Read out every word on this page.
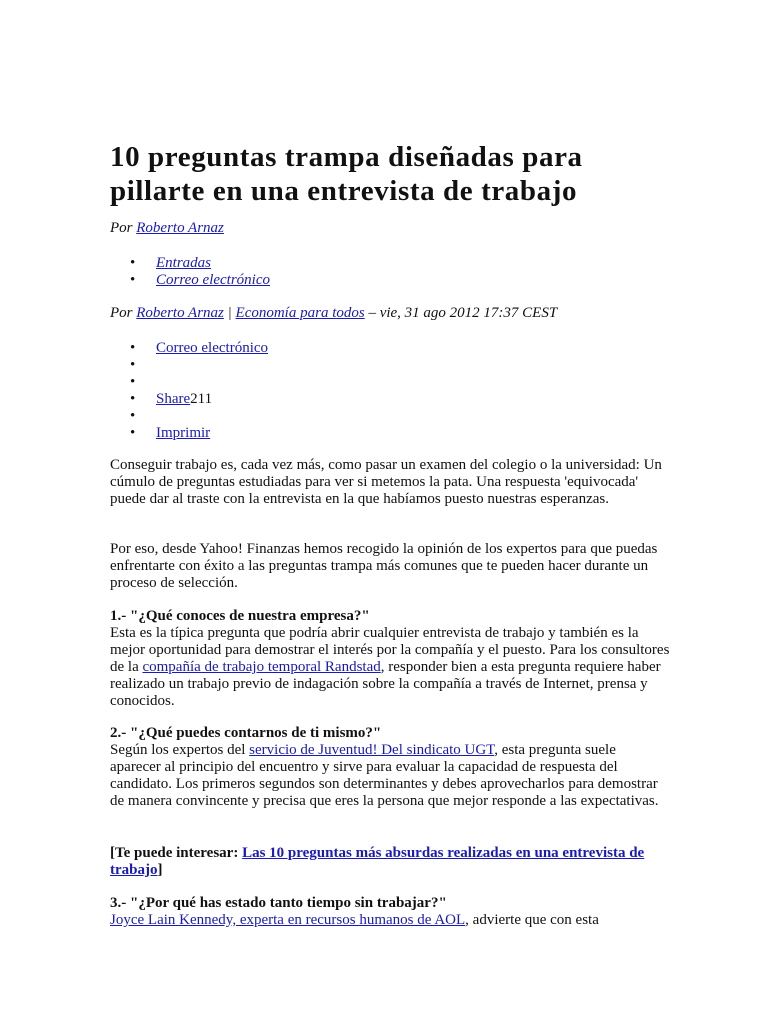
10 preguntas trampa diseñadas para pillarte en una entrevista de trabajo
Por Roberto Arnaz
• Entradas
• Correo electrónico
Por Roberto Arnaz | Economía para todos – vie, 31 ago 2012 17:37 CEST
• Correo electrónico
•
•
• Share211
•
• Imprimir
Conseguir trabajo es, cada vez más, como pasar un examen del colegio o la universidad: Un cúmulo de preguntas estudiadas para ver si metemos la pata. Una respuesta 'equivocada' puede dar al traste con la entrevista en la que habíamos puesto nuestras esperanzas.
Por eso, desde Yahoo! Finanzas hemos recogido la opinión de los expertos para que puedas enfrentarte con éxito a las preguntas trampa más comunes que te pueden hacer durante un proceso de selección.
1.- "¿Qué conoces de nuestra empresa?"
Esta es la típica pregunta que podría abrir cualquier entrevista de trabajo y también es la mejor oportunidad para demostrar el interés por la compañía y el puesto. Para los consultores de la compañía de trabajo temporal Randstad, responder bien a esta pregunta requiere haber realizado un trabajo previo de indagación sobre la compañía a través de Internet, prensa y conocidos.
2.- "¿Qué puedes contarnos de ti mismo?"
Según los expertos del servicio de Juventud! Del sindicato UGT, esta pregunta suele aparecer al principio del encuentro y sirve para evaluar la capacidad de respuesta del candidato. Los primeros segundos son determinantes y debes aprovecharlos para demostrar de manera convincente y precisa que eres la persona que mejor responde a las expectativas.
[Te puede interesar: Las 10 preguntas más absurdas realizadas en una entrevista de trabajo]
3.- "¿Por qué has estado tanto tiempo sin trabajar?"
Joyce Lain Kennedy, experta en recursos humanos de AOL, advierte que con esta
